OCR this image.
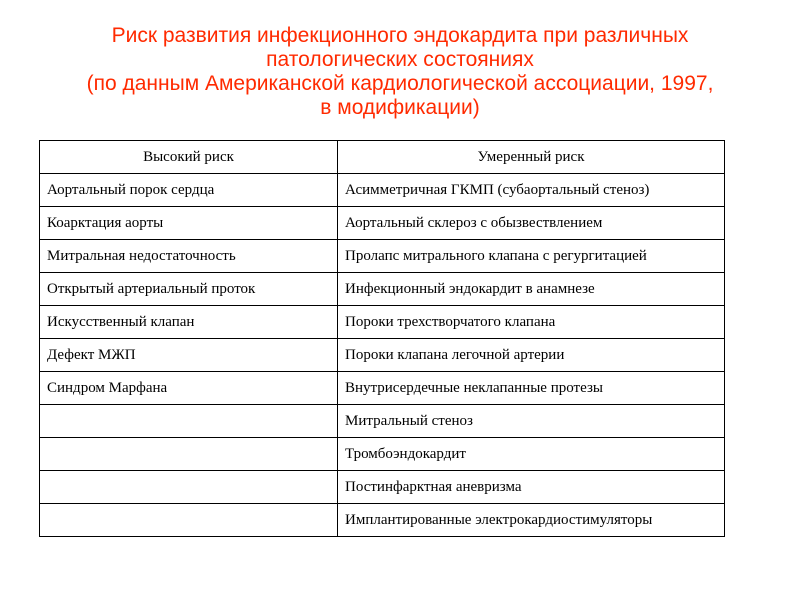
Риск развития инфекционного эндокардита при различных
патологических состояниях
(по данным Американской кардиологической ассоциации, 1997,
в модификации)
Высокий риск	Умеренный риск
Аортальный порок сердца	Асимметричная ГКМП (субаортальный стеноз)
Коарктация аорты	Аортальный склероз с обызвествлением
Митральная недостаточность	Пролапс митрального клапана с регургитацией
Открытый артериальный проток	Инфекционный эндокардит в анамнезе
Искусственный клапан	Пороки трехстворчатого клапана
Дефект МЖП	Пороки клапана легочной артерии
Синдром Марфана	Внутрисердечные неклапанные протезы
	Митральный стеноз
	Тромбоэндокардит
	Постинфарктная аневризма
	Имплантированные электрокардиостимуляторы
